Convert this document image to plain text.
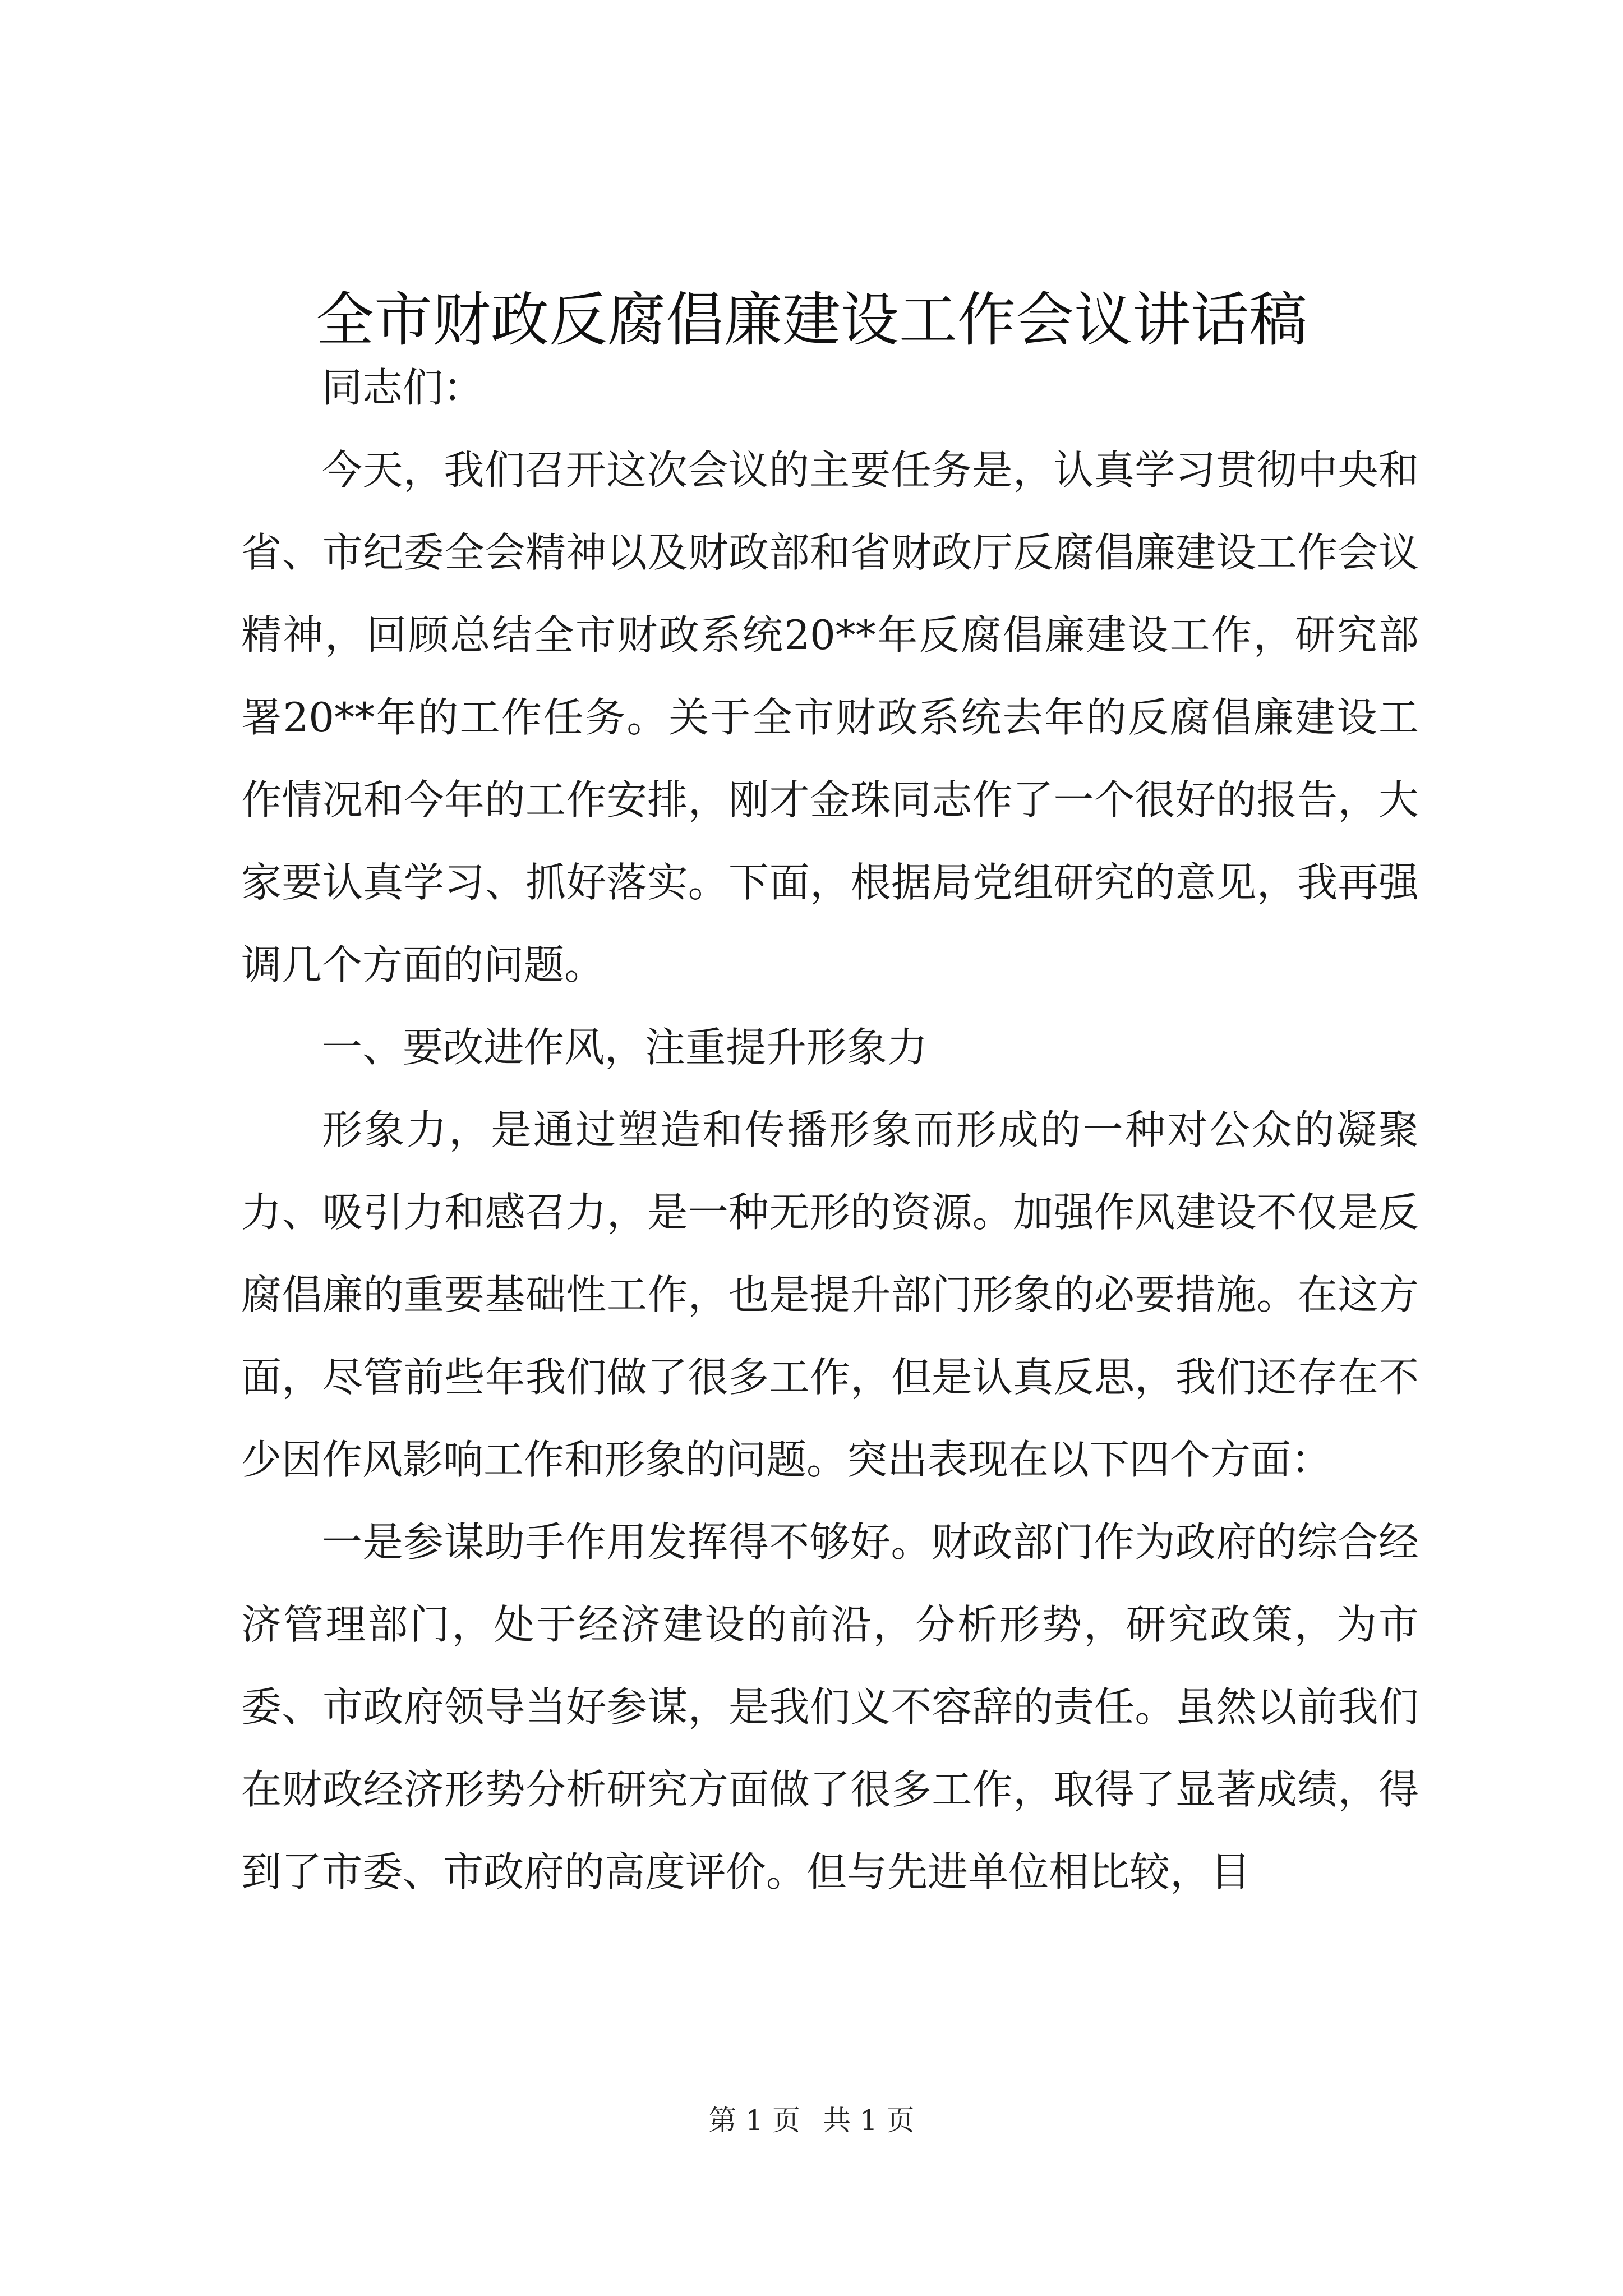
全市财政反腐倡廉建设工作会议讲话稿

同志们：

今天，我们召开这次会议的主要任务是，认真学习贯彻中央和省、市纪委全会精神以及财政部和省财政厅反腐倡廉建设工作会议精神，回顾总结全市财政系统20**年反腐倡廉建设工作，研究部署20**年的工作任务。关于全市财政系统去年的反腐倡廉建设工作情况和今年的工作安排，刚才金珠同志作了一个很好的报告，大家要认真学习、抓好落实。下面，根据局党组研究的意见，我再强调几个方面的问题。

一、要改进作风，注重提升形象力

形象力，是通过塑造和传播形象而形成的一种对公众的凝聚力、吸引力和感召力，是一种无形的资源。加强作风建设不仅是反腐倡廉的重要基础性工作，也是提升部门形象的必要措施。在这方面，尽管前些年我们做了很多工作，但是认真反思，我们还存在不少因作风影响工作和形象的问题。突出表现在以下四个方面：

一是参谋助手作用发挥得不够好。财政部门作为政府的综合经济管理部门，处于经济建设的前沿，分析形势，研究政策，为市委、市政府领导当好参谋，是我们义不容辞的责任。虽然以前我们在财政经济形势分析研究方面做了很多工作，取得了显著成绩，得到了市委、市政府的高度评价。但与先进单位相比较，目

第 1 页 共 1 页
